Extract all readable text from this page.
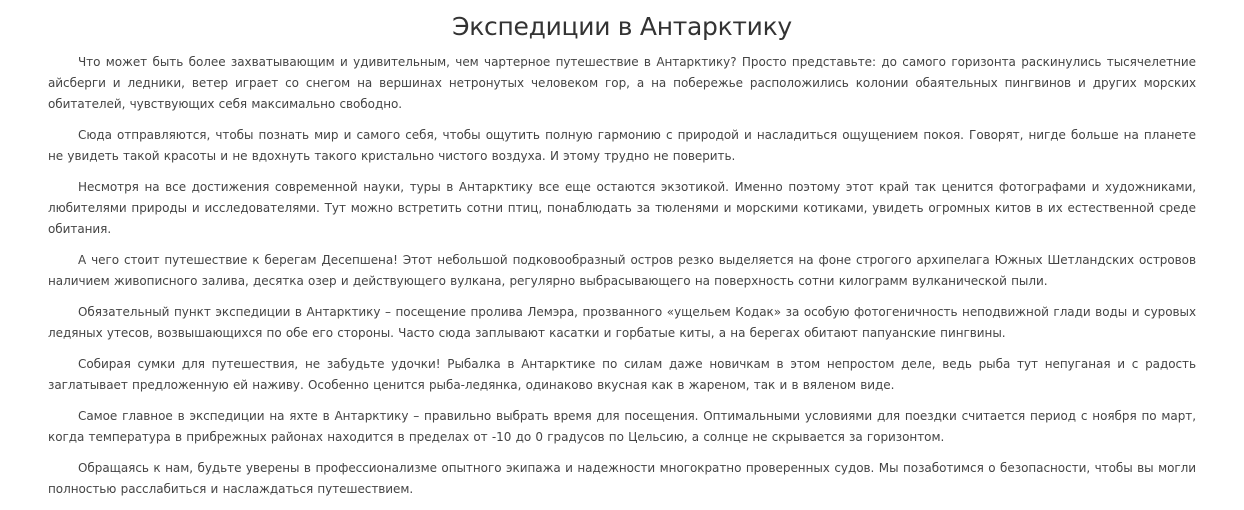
Экспедиции в Антарктику

Что может быть более захватывающим и удивительным, чем чартерное путешествие в Антарктику? Просто представьте: до самого горизонта раскинулись тысячелетние айсберги и ледники, ветер играет со снегом на вершинах нетронутых человеком гор, а на побережье расположились колонии обаятельных пингвинов и других морских обитателей, чувствующих себя максимально свободно.

Сюда отправляются, чтобы познать мир и самого себя, чтобы ощутить полную гармонию с природой и насладиться ощущением покоя. Говорят, нигде больше на планете не увидеть такой красоты и не вдохнуть такого кристально чистого воздуха. И этому трудно не поверить.

Несмотря на все достижения современной науки, туры в Антарктику все еще остаются экзотикой. Именно поэтому этот край так ценится фотографами и художниками, любителями природы и исследователями. Тут можно встретить сотни птиц, понаблюдать за тюленями и морскими котиками, увидеть огромных китов в их естественной среде обитания.

А чего стоит путешествие к берегам Десепшена! Этот небольшой подковообразный остров резко выделяется на фоне строгого архипелага Южных Шетландских островов наличием живописного залива, десятка озер и действующего вулкана, регулярно выбрасывающего на поверхность сотни килограмм вулканической пыли.

Обязательный пункт экспедиции в Антарктику – посещение пролива Лемэра, прозванного «ущельем Кодак» за особую фотогеничность неподвижной глади воды и суровых ледяных утесов, возвышающихся по обе его стороны. Часто сюда заплывают касатки и горбатые киты, а на берегах обитают папуанские пингвины.

Собирая сумки для путешествия, не забудьте удочки! Рыбалка в Антарктике по силам даже новичкам в этом непростом деле, ведь рыба тут непуганая и с радость заглатывает предложенную ей наживу. Особенно ценится рыба-ледянка, одинаково вкусная как в жареном, так и в вяленом виде.

Самое главное в экспедиции на яхте в Антарктику – правильно выбрать время для посещения. Оптимальными условиями для поездки считается период с ноября по март, когда температура в прибрежных районах находится в пределах от -10 до 0 градусов по Цельсию, а солнце не скрывается за горизонтом.

Обращаясь к нам, будьте уверены в профессионализме опытного экипажа и надежности многократно проверенных судов. Мы позаботимся о безопасности, чтобы вы могли полностью расслабиться и наслаждаться путешествием.
